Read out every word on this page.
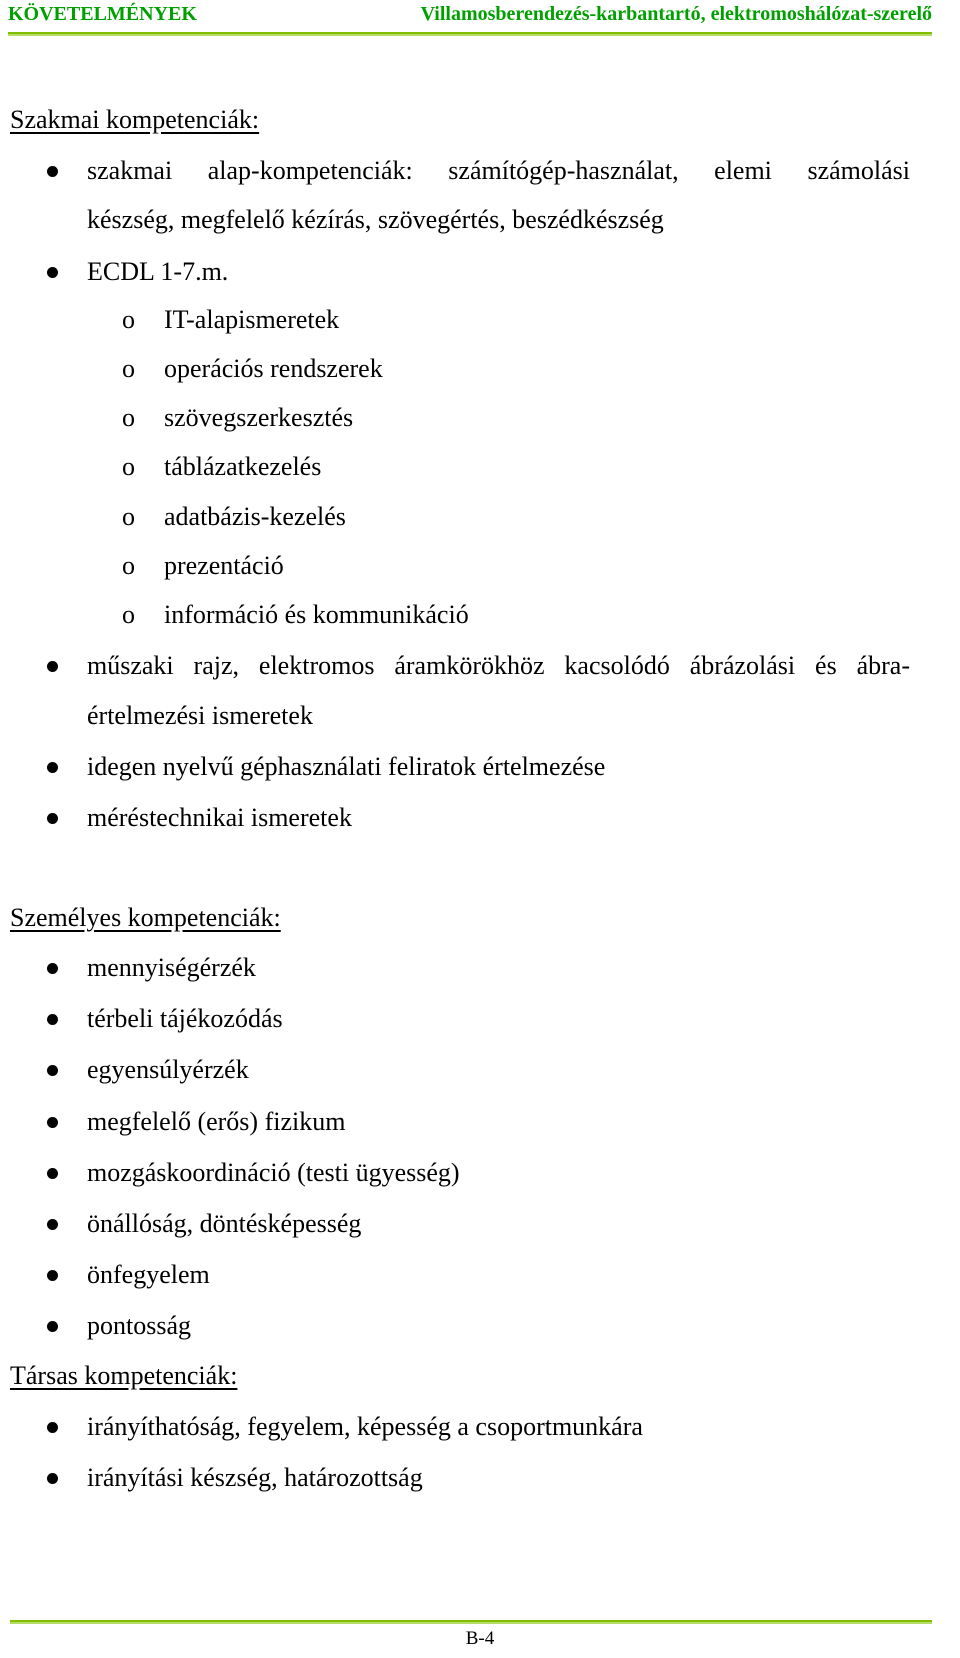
KÖVETELMÉNYEK	Villamosberendezés-karbantartó, elektromoshálózat-szerelő
Szakmai kompetenciák:
szakmai alap-kompetenciák: számítógép-használat, elemi számolási
készség, megfelelő kézírás, szövegértés, beszédkészség
ECDL 1-7.m.
o IT-alapismeretek
o operációs rendszerek
o szövegszerkesztés
o táblázatkezelés
o adatbázis-kezelés
o prezentáció
o információ és kommunikáció
műszaki rajz, elektromos áramkörökhöz kacsolódó ábrázolási és ábra-
értelmezési ismeretek
idegen nyelvű géphasználati feliratok értelmezése
méréstechnikai ismeretek
Személyes kompetenciák:
mennyiségérzék
térbeli tájékozódás
egyensúlyérzék
megfelelő (erős) fizikum
mozgáskoordináció (testi ügyesség)
önállóság, döntésképesség
önfegyelem
pontosság
Társas kompetenciák:
irányíthatóság, fegyelem, képesség a csoportmunkára
irányítási készség, határozottság
B-4
